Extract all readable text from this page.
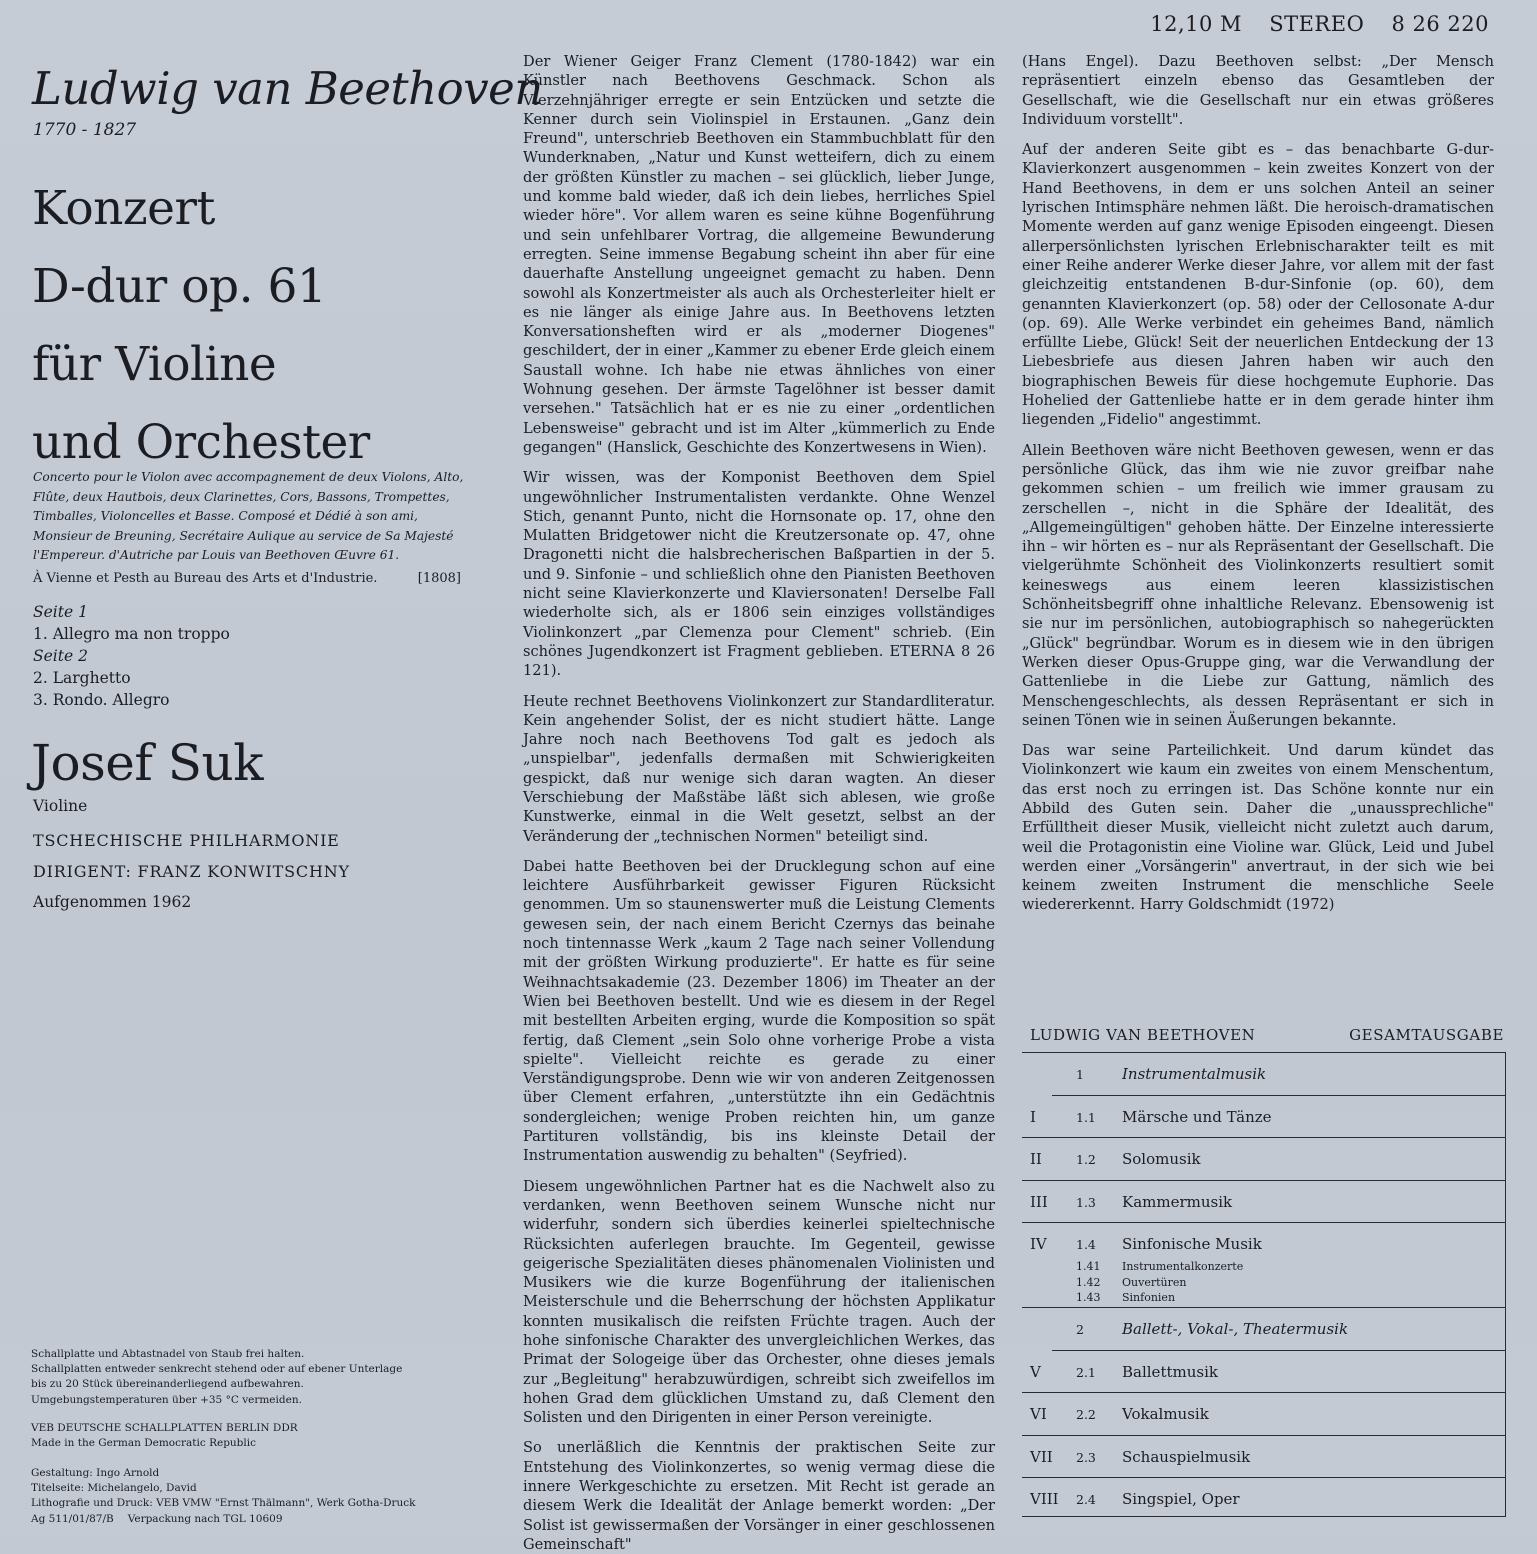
12,10 M STEREO 8 26 220
Ludwig van Beethoven
1770 - 1827
Konzert
D-dur op. 61
für Violine
und Orchester
Concerto pour le Violon avec accompagnement de deux Violons, Alto, Flûte, deux Hautbois, deux Clarinettes, Cors, Bassons, Trompettes, Timballes, Violoncelles et Basse. Composé et Dédié à son ami, Monsieur de Breuning, Secrétaire Aulique au service de Sa Majesté l'Empereur. d'Autriche par Louis van Beethoven Œuvre 61.
À Vienne et Pesth au Bureau des Arts et d'Industrie.	[1808]
Seite 1
1. Allegro ma non troppo
Seite 2
2. Larghetto
3. Rondo. Allegro
Josef Suk
Violine
TSCHECHISCHE PHILHARMONIE
DIRIGENT: FRANZ KONWITSCHNY
Aufgenommen 1962
Schallplatte und Abtastnadel von Staub frei halten.
Schallplatten entweder senkrecht stehend oder auf ebener Unterlage
bis zu 20 Stück übereinanderliegend aufbewahren.
Umgebungstemperaturen über +35 °C vermeiden.
VEB DEUTSCHE SCHALLPLATTEN BERLIN DDR
Made in the German Democratic Republic
Gestaltung: Ingo Arnold
Titelseite: Michelangelo, David
Lithografie und Druck: VEB VMW "Ernst Thälmann", Werk Gotha-Druck
Ag 511/01/87/B Verpackung nach TGL 10609

Der Wiener Geiger Franz Clement (1780-1842) war ein Künstler nach Beethovens Geschmack. Schon als Vierzehnjähriger erregte er sein Entzücken und setzte die Kenner durch sein Violinspiel in Erstaunen. „Ganz dein Freund", unterschrieb Beethoven ein Stammbuchblatt für den Wunderknaben, „Natur und Kunst wetteifern, dich zu einem der größten Künstler zu machen – sei glücklich, lieber Junge, und komme bald wieder, daß ich dein liebes, herrliches Spiel wieder höre". Vor allem waren es seine kühne Bogenführung und sein unfehlbarer Vortrag, die allgemeine Bewunderung erregten. Seine immense Begabung scheint ihn aber für eine dauerhafte Anstellung ungeeignet gemacht zu haben. Denn sowohl als Konzertmeister als auch als Orchesterleiter hielt er es nie länger als einige Jahre aus. In Beethovens letzten Konversationsheften wird er als „moderner Diogenes" geschildert, der in einer „Kammer zu ebener Erde gleich einem Saustall wohne. Ich habe nie etwas ähnliches von einer Wohnung gesehen. Der ärmste Tagelöhner ist besser damit versehen." Tatsächlich hat er es nie zu einer „ordentlichen Lebensweise" gebracht und ist im Alter „kümmerlich zu Ende gegangen" (Hanslick, Geschichte des Konzertwesens in Wien).

Wir wissen, was der Komponist Beethoven dem Spiel ungewöhnlicher Instrumentalisten verdankte. Ohne Wenzel Stich, genannt Punto, nicht die Hornsonate op. 17, ohne den Mulatten Bridgetower nicht die Kreutzersonate op. 47, ohne Dragonetti nicht die halsbrecherischen Baßpartien in der 5. und 9. Sinfonie – und schließlich ohne den Pianisten Beethoven nicht seine Klavierkonzerte und Klaviersonaten! Derselbe Fall wiederholte sich, als er 1806 sein einziges vollständiges Violinkonzert „par Clemenza pour Clement" schrieb. (Ein schönes Jugendkonzert ist Fragment geblieben. ETERNA 8 26 121).

Heute rechnet Beethovens Violinkonzert zur Standardliteratur. Kein angehender Solist, der es nicht studiert hätte. Lange Jahre noch nach Beethovens Tod galt es jedoch als „unspielbar", jedenfalls dermaßen mit Schwierigkeiten gespickt, daß nur wenige sich daran wagten. An dieser Verschiebung der Maßstäbe läßt sich ablesen, wie große Kunstwerke, einmal in die Welt gesetzt, selbst an der Veränderung der „technischen Normen" beteiligt sind.

Dabei hatte Beethoven bei der Drucklegung schon auf eine leichtere Ausführbarkeit gewisser Figuren Rücksicht genommen. Um so staunenswerter muß die Leistung Clements gewesen sein, der nach einem Bericht Czernys das beinahe noch tintennasse Werk „kaum 2 Tage nach seiner Vollendung mit der größten Wirkung produzierte". Er hatte es für seine Weihnachtsakademie (23. Dezember 1806) im Theater an der Wien bei Beethoven bestellt. Und wie es diesem in der Regel mit bestellten Arbeiten erging, wurde die Komposition so spät fertig, daß Clement „sein Solo ohne vorherige Probe a vista spielte". Vielleicht reichte es gerade zu einer Verständigungsprobe. Denn wie wir von anderen Zeitgenossen über Clement erfahren, „unterstützte ihn ein Gedächtnis sondergleichen; wenige Proben reichten hin, um ganze Partituren vollständig, bis ins kleinste Detail der Instrumentation auswendig zu behalten" (Seyfried).

Diesem ungewöhnlichen Partner hat es die Nachwelt also zu verdanken, wenn Beethoven seinem Wunsche nicht nur widerfuhr, sondern sich überdies keinerlei spieltechnische Rücksichten auferlegen brauchte. Im Gegenteil, gewisse geigerische Spezialitäten dieses phänomenalen Violinisten und Musikers wie die kurze Bogenführung der italienischen Meisterschule und die Beherrschung der höchsten Applikatur konnten musikalisch die reifsten Früchte tragen. Auch der hohe sinfonische Charakter des unvergleichlichen Werkes, das Primat der Sologeige über das Orchester, ohne dieses jemals zur „Begleitung" herabzuwürdigen, schreibt sich zweifellos im hohen Grad dem glücklichen Umstand zu, daß Clement den Solisten und den Dirigenten in einer Person vereinigte.

So unerläßlich die Kenntnis der praktischen Seite zur Entstehung des Violinkonzertes, so wenig vermag diese die innere Werkgeschichte zu ersetzen. Mit Recht ist gerade an diesem Werk die Idealität der Anlage bemerkt worden: „Der Solist ist gewissermaßen der Vorsänger in einer geschlossenen Gemeinschaft"

(Hans Engel). Dazu Beethoven selbst: „Der Mensch repräsentiert einzeln ebenso das Gesamtleben der Gesellschaft, wie die Gesellschaft nur ein etwas größeres Individuum vorstellt".

Auf der anderen Seite gibt es – das benachbarte G-dur-Klavierkonzert ausgenommen – kein zweites Konzert von der Hand Beethovens, in dem er uns solchen Anteil an seiner lyrischen Intimsphäre nehmen läßt. Die heroisch-dramatischen Momente werden auf ganz wenige Episoden eingeengt. Diesen allerpersönlichsten lyrischen Erlebnischarakter teilt es mit einer Reihe anderer Werke dieser Jahre, vor allem mit der fast gleichzeitig entstandenen B-dur-Sinfonie (op. 60), dem genannten Klavierkonzert (op. 58) oder der Cellosonate A-dur (op. 69). Alle Werke verbindet ein geheimes Band, nämlich erfüllte Liebe, Glück! Seit der neuerlichen Entdeckung der 13 Liebesbriefe aus diesen Jahren haben wir auch den biographischen Beweis für diese hochgemute Euphorie. Das Hohelied der Gattenliebe hatte er in dem gerade hinter ihm liegenden „Fidelio" angestimmt.

Allein Beethoven wäre nicht Beethoven gewesen, wenn er das persönliche Glück, das ihm wie nie zuvor greifbar nahe gekommen schien – um freilich wie immer grausam zu zerschellen –, nicht in die Sphäre der Idealität, des „Allgemeingültigen" gehoben hätte. Der Einzelne interessierte ihn – wir hörten es – nur als Repräsentant der Gesellschaft. Die vielgerühmte Schönheit des Violinkonzerts resultiert somit keineswegs aus einem leeren klassizistischen Schönheitsbegriff ohne inhaltliche Relevanz. Ebensowenig ist sie nur im persönlichen, autobiographisch so nahegerückten „Glück" begründbar. Worum es in diesem wie in den übrigen Werken dieser Opus-Gruppe ging, war die Verwandlung der Gattenliebe in die Liebe zur Gattung, nämlich des Menschengeschlechts, als dessen Repräsentant er sich in seinen Tönen wie in seinen Äußerungen bekannte.

Das war seine Parteilichkeit. Und darum kündet das Violinkonzert wie kaum ein zweites von einem Menschentum, das erst noch zu erringen ist. Das Schöne konnte nur ein Abbild des Guten sein. Daher die „unaussprechliche" Erfülltheit dieser Musik, vielleicht nicht zuletzt auch darum, weil die Protagonistin eine Violine war. Glück, Leid und Jubel werden einer „Vorsängerin" anvertraut, in der sich wie bei keinem zweiten Instrument die menschliche Seele wiedererkennt. Harry Goldschmidt (1972)

LUDWIG VAN BEETHOVEN	GESAMTAUSGABE
1	Instrumentalmusik
I	1.1 Märsche und Tänze
II	1.2 Solomusik
III 1.3 Kammermusik
IV 1.4 Sinfonische Musik
1.41 Instrumentalkonzerte
1.42 Ouvertüren
1.43 Sinfonien
2	Ballett-, Vokal-, Theatermusik
V	2.1 Ballettmusik
VI 2.2 Vokalmusik
VII 2.3 Schauspielmusik
VIII 2.4 Singspiel, Oper
